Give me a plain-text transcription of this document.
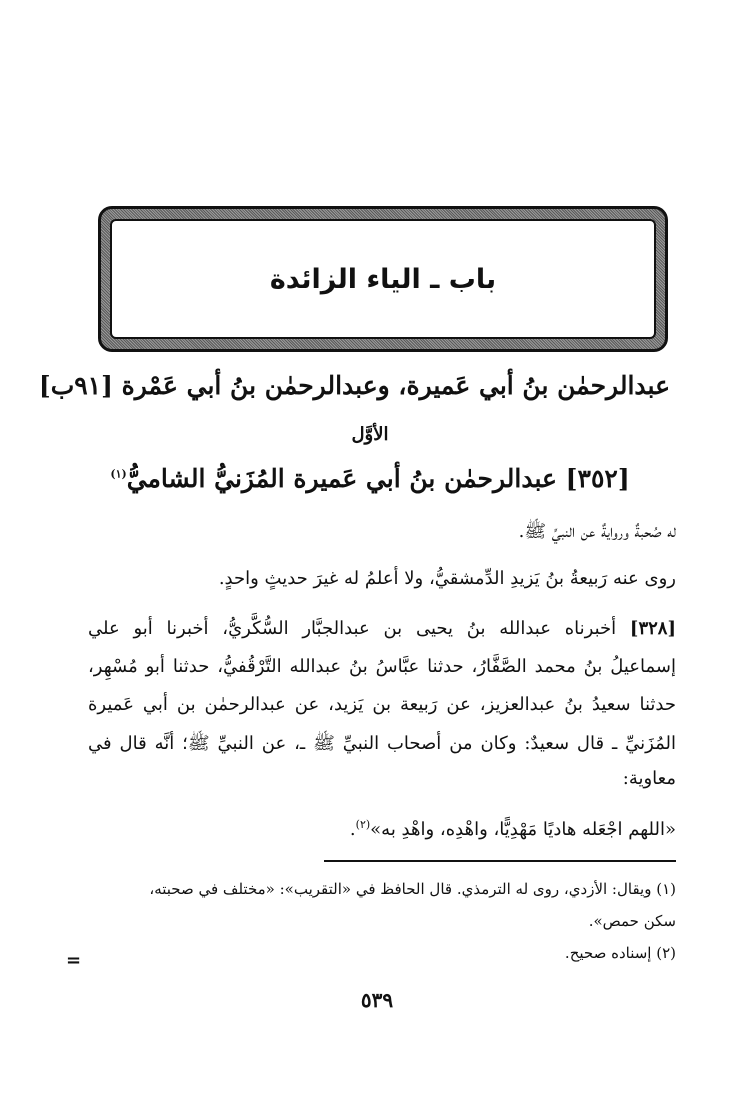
باب ـ الياء الزائدة
عبدالرحمٰن بنُ أبي عَميرة، وعبدالرحمٰن بنُ أبي عَمْرة [٩١ب]
الأوَّل
[٣٥٢] عبدالرحمٰن بنُ أبي عَميرة المُزَنيُّ الشاميُّ$^{(١)}$
له صُحبةٌ وروايةٌ عن النبيِّ ﷺ.
روى عنه رَبيعةُ بنُ يَزيدِ الدِّمشقيُّ، ولا أعلمُ له غيرَ حديثٍ واحدٍ.
[٣٢٨] أخبرناه عبدالله بنُ يحيى بن عبدالجبَّار السُّكَّريُّ، أخبرنا أبو علي
إسماعيلُ بنُ محمد الصَّفَّارُ، حدثنا عبَّاسُ بنُ عبدالله التَّرْقُفيُّ، حدثنا أبو مُسْهِر،
حدثنا سعيدُ بنُ عبدالعزيز، عن رَبيعة بن يَزيد، عن عبدالرحمٰن بن أبي عَميرة
المُزَنيِّ ـ قال سعيدٌ: وكان من أصحاب النبيِّ ﷺ ـ، عن النبيِّ ﷺ؛ أنَّه قال في
معاوية:
«اللهم اجْعَله هاديًا مَهْدِيًّا، واهْدِه، واهْدِ به»$^{(٢)}$.
(١) ويقال: الأزدي، روى له الترمذي. قال الحافظ في «التقريب»: «مختلف في صحبته،
سكن حمص».
(٢) إسناده صحيح.
=
٥٣٩
